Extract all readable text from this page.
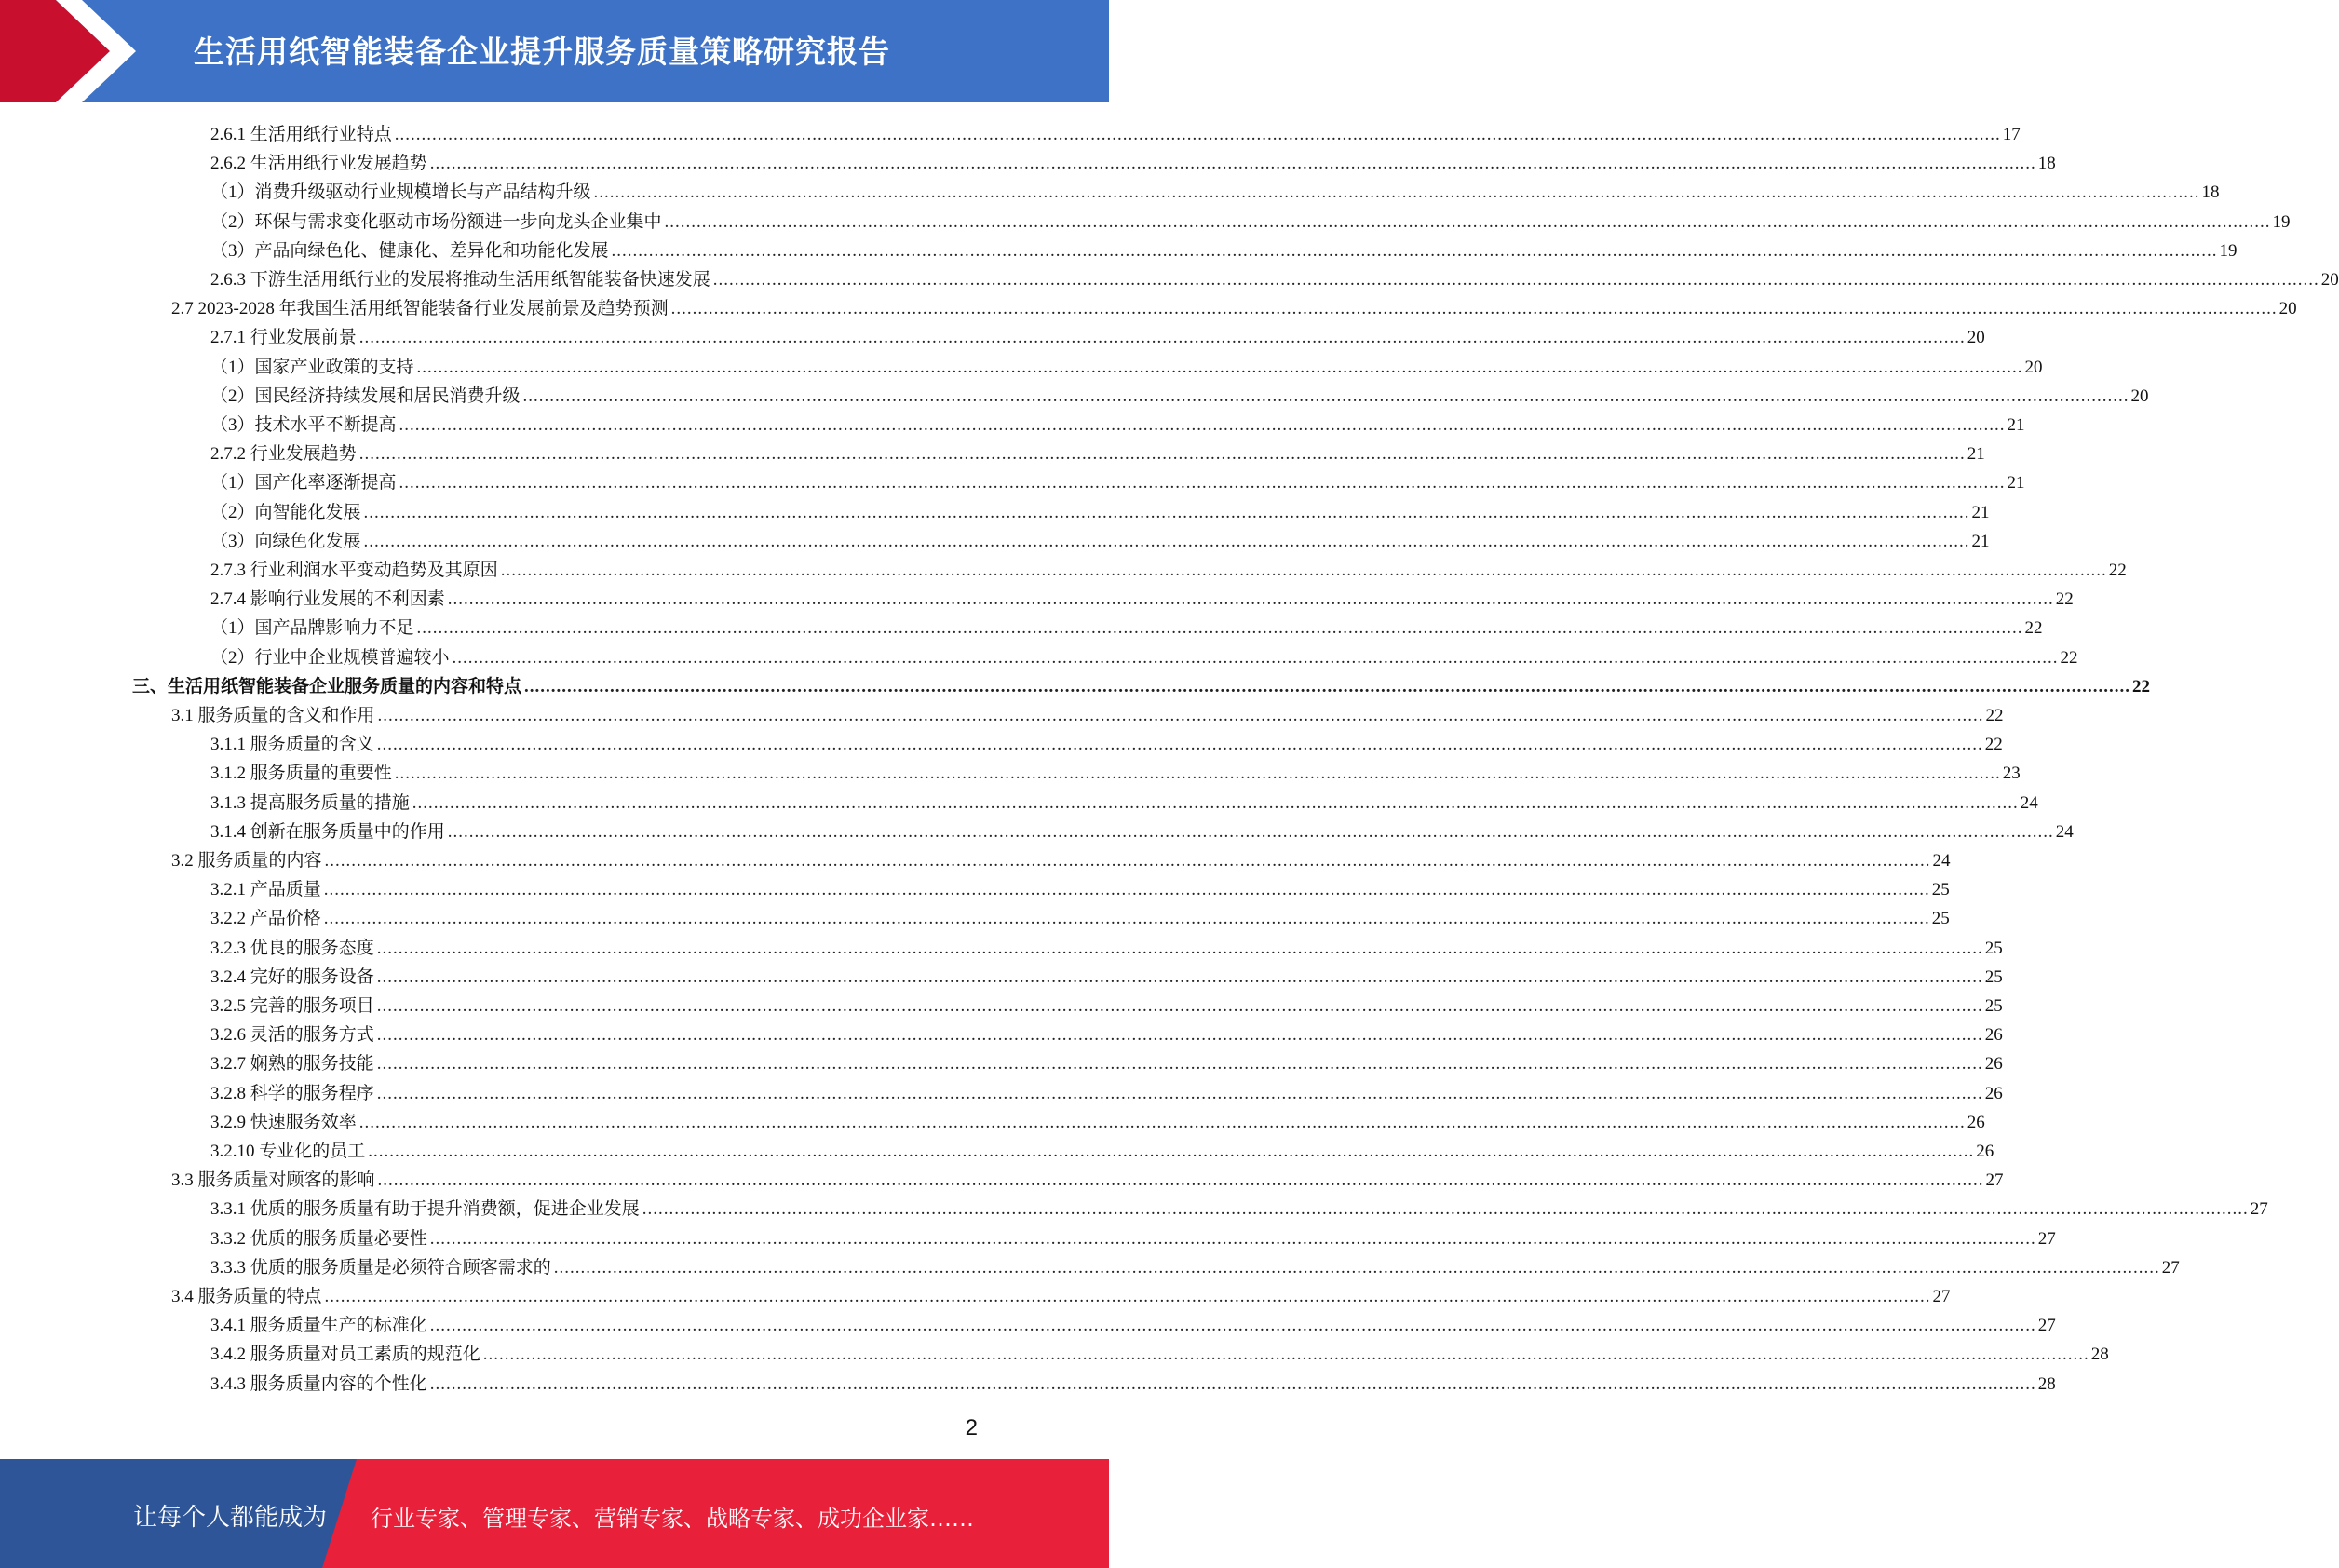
生活用纸智能装备企业提升服务质量策略研究报告
2.6.1 生活用纸行业特点 ............................................................................................................................................................................................................................................................................................................ 17
2.6.2 生活用纸行业发展趋势 ............................................................................................................................................................................................................................................................................................................ 18
（1）消费升级驱动行业规模增长与产品结构升级 ............................................................................................................................................................................................................................................................................................................ 18
（2）环保与需求变化驱动市场份额进一步向龙头企业集中 ............................................................................................................................................................................................................................................................................................................ 19
（3）产品向绿色化、健康化、差异化和功能化发展 ............................................................................................................................................................................................................................................................................................................ 19
2.6.3 下游生活用纸行业的发展将推动生活用纸智能装备快速发展 ............................................................................................................................................................................................................................................................................................................ 20
2.7 2023-2028 年我国生活用纸智能装备行业发展前景及趋势预测 ............................................................................................................................................................................................................................................................................................................ 20
2.7.1 行业发展前景 ............................................................................................................................................................................................................................................................................................................ 20
（1）国家产业政策的支持 ............................................................................................................................................................................................................................................................................................................ 20
（2）国民经济持续发展和居民消费升级 ............................................................................................................................................................................................................................................................................................................ 20
（3）技术水平不断提高 ............................................................................................................................................................................................................................................................................................................ 21
2.7.2 行业发展趋势 ............................................................................................................................................................................................................................................................................................................ 21
（1）国产化率逐渐提高 ............................................................................................................................................................................................................................................................................................................ 21
（2）向智能化发展 ............................................................................................................................................................................................................................................................................................................ 21
（3）向绿色化发展 ............................................................................................................................................................................................................................................................................................................ 21
2.7.3 行业利润水平变动趋势及其原因 ............................................................................................................................................................................................................................................................................................................ 22
2.7.4 影响行业发展的不利因素 ............................................................................................................................................................................................................................................................................................................ 22
（1）国产品牌影响力不足 ............................................................................................................................................................................................................................................................................................................ 22
（2）行业中企业规模普遍较小 ............................................................................................................................................................................................................................................................................................................ 22
三、生活用纸智能装备企业服务质量的内容和特点 ............................................................................................................................................................................................................................................................................................................ 22
3.1 服务质量的含义和作用 ............................................................................................................................................................................................................................................................................................................ 22
3.1.1 服务质量的含义 ............................................................................................................................................................................................................................................................................................................ 22
3.1.2 服务质量的重要性 ............................................................................................................................................................................................................................................................................................................ 23
3.1.3 提高服务质量的措施 ............................................................................................................................................................................................................................................................................................................ 24
3.1.4 创新在服务质量中的作用 ............................................................................................................................................................................................................................................................................................................ 24
3.2 服务质量的内容 ............................................................................................................................................................................................................................................................................................................ 24
3.2.1 产品质量 ............................................................................................................................................................................................................................................................................................................ 25
3.2.2 产品价格 ............................................................................................................................................................................................................................................................................................................ 25
3.2.3 优良的服务态度 ............................................................................................................................................................................................................................................................................................................ 25
3.2.4 完好的服务设备 ............................................................................................................................................................................................................................................................................................................ 25
3.2.5 完善的服务项目 ............................................................................................................................................................................................................................................................................................................ 25
3.2.6 灵活的服务方式 ............................................................................................................................................................................................................................................................................................................ 26
3.2.7 娴熟的服务技能 ............................................................................................................................................................................................................................................................................................................ 26
3.2.8 科学的服务程序 ............................................................................................................................................................................................................................................................................................................ 26
3.2.9 快速服务效率 ............................................................................................................................................................................................................................................................................................................ 26
3.2.10 专业化的员工 ............................................................................................................................................................................................................................................................................................................ 26
3.3 服务质量对顾客的影响 ............................................................................................................................................................................................................................................................................................................ 27
3.3.1 优质的服务质量有助于提升消费额，促进企业发展 ............................................................................................................................................................................................................................................................................................................ 27
3.3.2 优质的服务质量必要性 ............................................................................................................................................................................................................................................................................................................ 27
3.3.3 优质的服务质量是必须符合顾客需求的 ............................................................................................................................................................................................................................................................................................................ 27
3.4 服务质量的特点 ............................................................................................................................................................................................................................................................................................................ 27
3.4.1 服务质量生产的标准化 ............................................................................................................................................................................................................................................................................................................ 27
3.4.2 服务质量对员工素质的规范化 ............................................................................................................................................................................................................................................................................................................ 28
3.4.3 服务质量内容的个性化 ............................................................................................................................................................................................................................................................................................................ 28
2
让每个人都能成为 行业专家、管理专家、营销专家、战略专家、成功企业家……
